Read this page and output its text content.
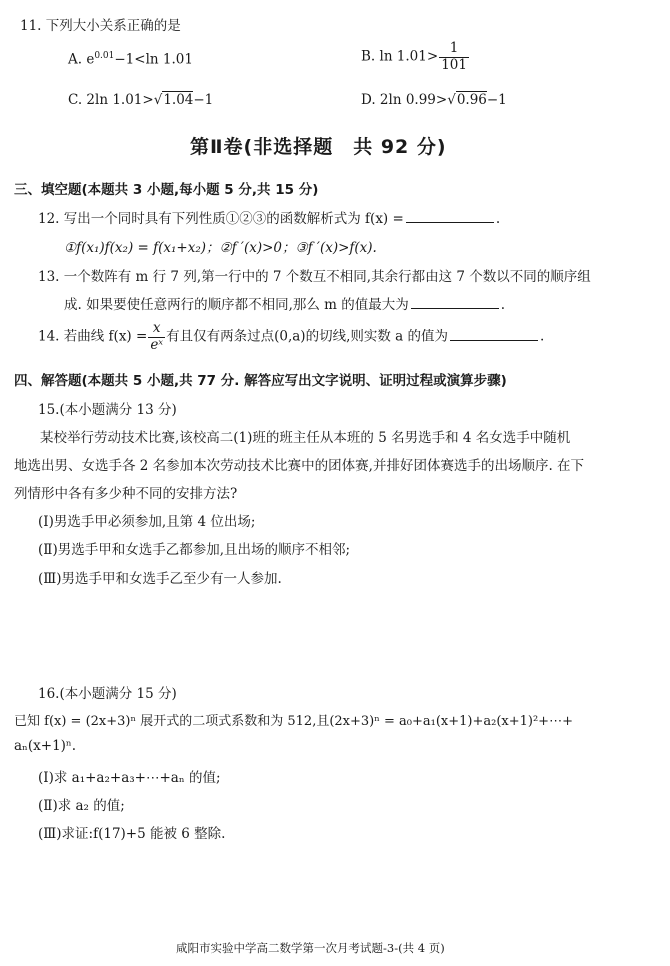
11. 下列大小关系正确的是
A. $e^{0.01}-1<\ln$ 1.01	B. $\ln 1.01> \frac{1}{101}$
C. 2ln 1.01>√1.04−1	D. 2ln 0.99>√0.96−1
第Ⅱ卷(非选择题　共 92 分)
三、填空题(本题共 3 小题,每小题 5 分,共 15 分)
12. 写出一个同时具有下列性质①②③的函数解析式为 f(x) =	.
①f(x₁)f(x₂) = f(x₁+x₂)；②f ′(x)>0；③f ′(x)>f(x).
13. 一个数阵有 m 行 7 列,第一行中的 7 个数互不相同,其余行都由这 7 个数以不同的顺序组
成. 如果要使任意两行的顺序都不相同,那么 m 的值最大为	.
14. 若曲线 $f(x) = \frac{x}{\text{eˣ}}$ 有且仅有两条过点(0,a)的切线,则实数 a 的值为	.
四、解答题(本题共 5 小题,共 77 分. 解答应写出文字说明、证明过程或演算步骤)
15.(本小题满分 13 分)
某校举行劳动技术比赛,该校高二(1)班的班主任从本班的 5 名男选手和 4 名女选手中随机
地选出男、女选手各 2 名参加本次劳动技术比赛中的团体赛,并排好团体赛选手的出场顺序. 在下
列情形中各有多少种不同的安排方法?
(Ⅰ)男选手甲必须参加,且第 4 位出场;
(Ⅱ)男选手甲和女选手乙都参加,且出场的顺序不相邻;
(Ⅲ)男选手甲和女选手乙至少有一人参加.
16.(本小题满分 15 分)
已知 f(x) = (2x+3)ⁿ 展开式的二项式系数和为 512,且(2x+3)ⁿ = a₀+a₁(x+1)+a₂(x+1)²+⋯+
aₙ(x+1)ⁿ.
(Ⅰ)求 a₁+a₂+a₃+⋯+aₙ 的值;
(Ⅱ)求 a₂ 的值;
(Ⅲ)求证:f(17)+5 能被 6 整除.
咸阳市实验中学高二数学第一次月考试题-3-(共 4 页)
